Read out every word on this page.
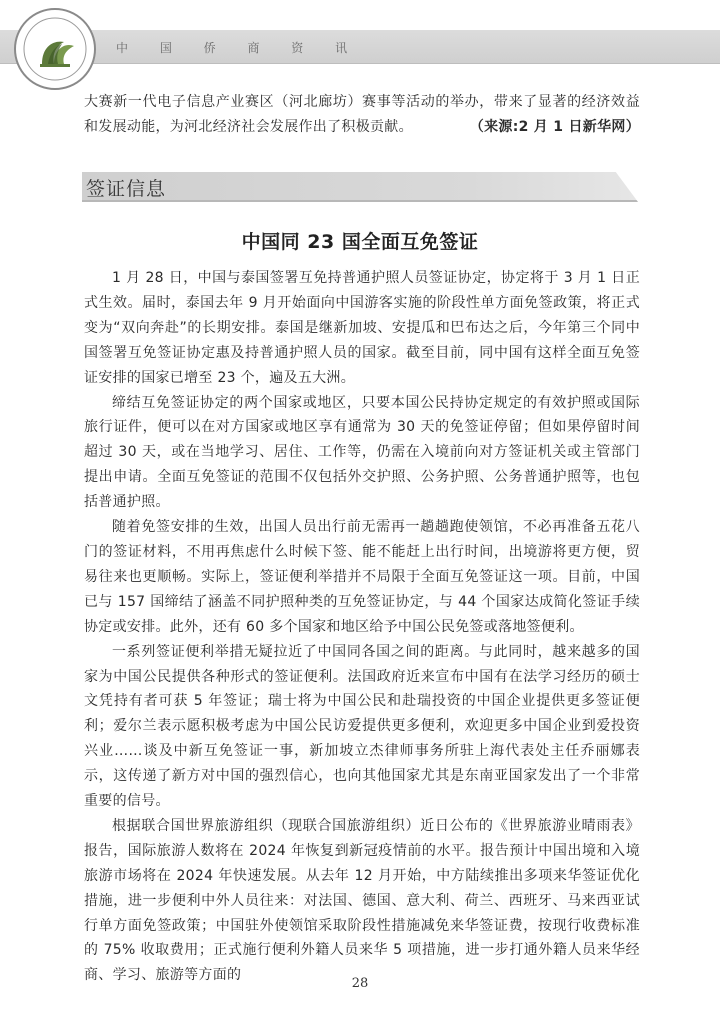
中 国 侨 商 资 讯

大赛新一代电子信息产业赛区（河北廊坊）赛事等活动的举办，带来了显著的经济效益和发展动能，为河北经济社会发展作出了积极贡献。	（来源:2 月 1 日新华网）

签证信息
中国同 23 国全面互免签证

1 月 28 日，中国与泰国签署互免持普通护照人员签证协定，协定将于 3 月 1 日正式生效。届时，泰国去年 9 月开始面向中国游客实施的阶段性单方面免签政策，将正式变为“双向奔赴”的长期安排。泰国是继新加坡、安提瓜和巴布达之后，今年第三个同中国签署互免签证协定惠及持普通护照人员的国家。截至目前，同中国有这样全面互免签证安排的国家已增至 23 个，遍及五大洲。

缔结互免签证协定的两个国家或地区，只要本国公民持协定规定的有效护照或国际旅行证件，便可以在对方国家或地区享有通常为 30 天的免签证停留；但如果停留时间超过 30 天，或在当地学习、居住、工作等，仍需在入境前向对方签证机关或主管部门提出申请。全面互免签证的范围不仅包括外交护照、公务护照、公务普通护照等，也包括普通护照。

随着免签安排的生效，出国人员出行前无需再一趟趟跑使领馆，不必再准备五花八门的签证材料，不用再焦虑什么时候下签、能不能赶上出行时间，出境游将更方便，贸易往来也更顺畅。实际上，签证便利举措并不局限于全面互免签证这一项。目前，中国已与 157 国缔结了涵盖不同护照种类的互免签证协定，与 44 个国家达成简化签证手续协定或安排。此外，还有 60 多个国家和地区给予中国公民免签或落地签便利。

一系列签证便利举措无疑拉近了中国同各国之间的距离。与此同时，越来越多的国家为中国公民提供各种形式的签证便利。法国政府近来宣布中国有在法学习经历的硕士文凭持有者可获 5 年签证；瑞士将为中国公民和赴瑞投资的中国企业提供更多签证便利；爱尔兰表示愿积极考虑为中国公民访爱提供更多便利，欢迎更多中国企业到爱投资兴业……谈及中新互免签证一事，新加坡立杰律师事务所驻上海代表处主任乔丽娜表示，这传递了新方对中国的强烈信心，也向其他国家尤其是东南亚国家发出了一个非常重要的信号。

根据联合国世界旅游组织（现联合国旅游组织）近日公布的《世界旅游业晴雨表》报告，国际旅游人数将在 2024 年恢复到新冠疫情前的水平。报告预计中国出境和入境旅游市场将在 2024 年快速发展。从去年 12 月开始，中方陆续推出多项来华签证优化措施，进一步便利中外人员往来：对法国、德国、意大利、荷兰、西班牙、马来西亚试行单方面免签政策；中国驻外使领馆采取阶段性措施减免来华签证费，按现行收费标准的 75% 收取费用；正式施行便利外籍人员来华 5 项措施，进一步打通外籍人员来华经商、学习、旅游等方面的

28
